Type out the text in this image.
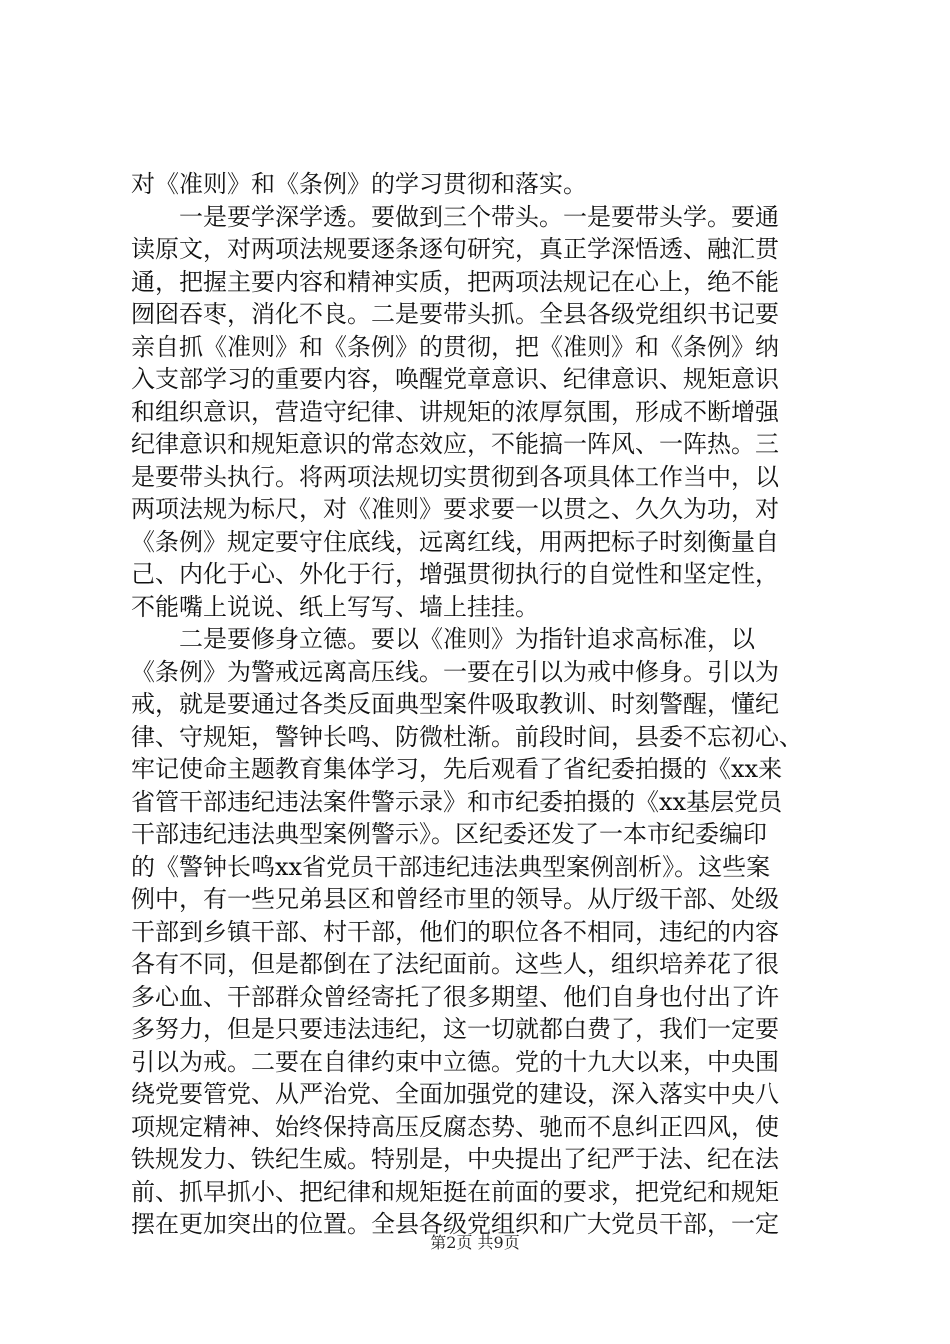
对《准则》和《条例》的学习贯彻和落实。
　　一是要学深学透。要做到三个带头。一是要带头学。要通
读原文，对两项法规要逐条逐句研究，真正学深悟透、融汇贯
通，把握主要内容和精神实质，把两项法规记在心上，绝不能
囫囵吞枣，消化不良。二是要带头抓。全县各级党组织书记要
亲自抓《准则》和《条例》的贯彻，把《准则》和《条例》纳
入支部学习的重要内容，唤醒党章意识、纪律意识、规矩意识
和组织意识，营造守纪律、讲规矩的浓厚氛围，形成不断增强
纪律意识和规矩意识的常态效应，不能搞一阵风、一阵热。三
是要带头执行。将两项法规切实贯彻到各项具体工作当中，以
两项法规为标尺，对《准则》要求要一以贯之、久久为功，对
《条例》规定要守住底线，远离红线，用两把标子时刻衡量自
己、内化于心、外化于行，增强贯彻执行的自觉性和坚定性，
不能嘴上说说、纸上写写、墙上挂挂。
　　二是要修身立德。要以《准则》为指针追求高标准，以
《条例》为警戒远离高压线。一要在引以为戒中修身。引以为
戒，就是要通过各类反面典型案件吸取教训、时刻警醒，懂纪
律、守规矩，警钟长鸣、防微杜渐。前段时间，县委不忘初心、
牢记使命主题教育集体学习，先后观看了省纪委拍摄的《xx来
省管干部违纪违法案件警示录》和市纪委拍摄的《xx基层党员
干部违纪违法典型案例警示》。区纪委还发了一本市纪委编印
的《警钟长鸣xx省党员干部违纪违法典型案例剖析》。这些案
例中，有一些兄弟县区和曾经市里的领导。从厅级干部、处级
干部到乡镇干部、村干部，他们的职位各不相同，违纪的内容
各有不同，但是都倒在了法纪面前。这些人，组织培养花了很
多心血、干部群众曾经寄托了很多期望、他们自身也付出了许
多努力，但是只要违法违纪，这一切就都白费了，我们一定要
引以为戒。二要在自律约束中立德。党的十九大以来，中央围
绕党要管党、从严治党、全面加强党的建设，深入落实中央八
项规定精神、始终保持高压反腐态势、驰而不息纠正四风，使
铁规发力、铁纪生威。特别是，中央提出了纪严于法、纪在法
前、抓早抓小、把纪律和规矩挺在前面的要求，把党纪和规矩
摆在更加突出的位置。全县各级党组织和广大党员干部，一定
第2页 共9页
